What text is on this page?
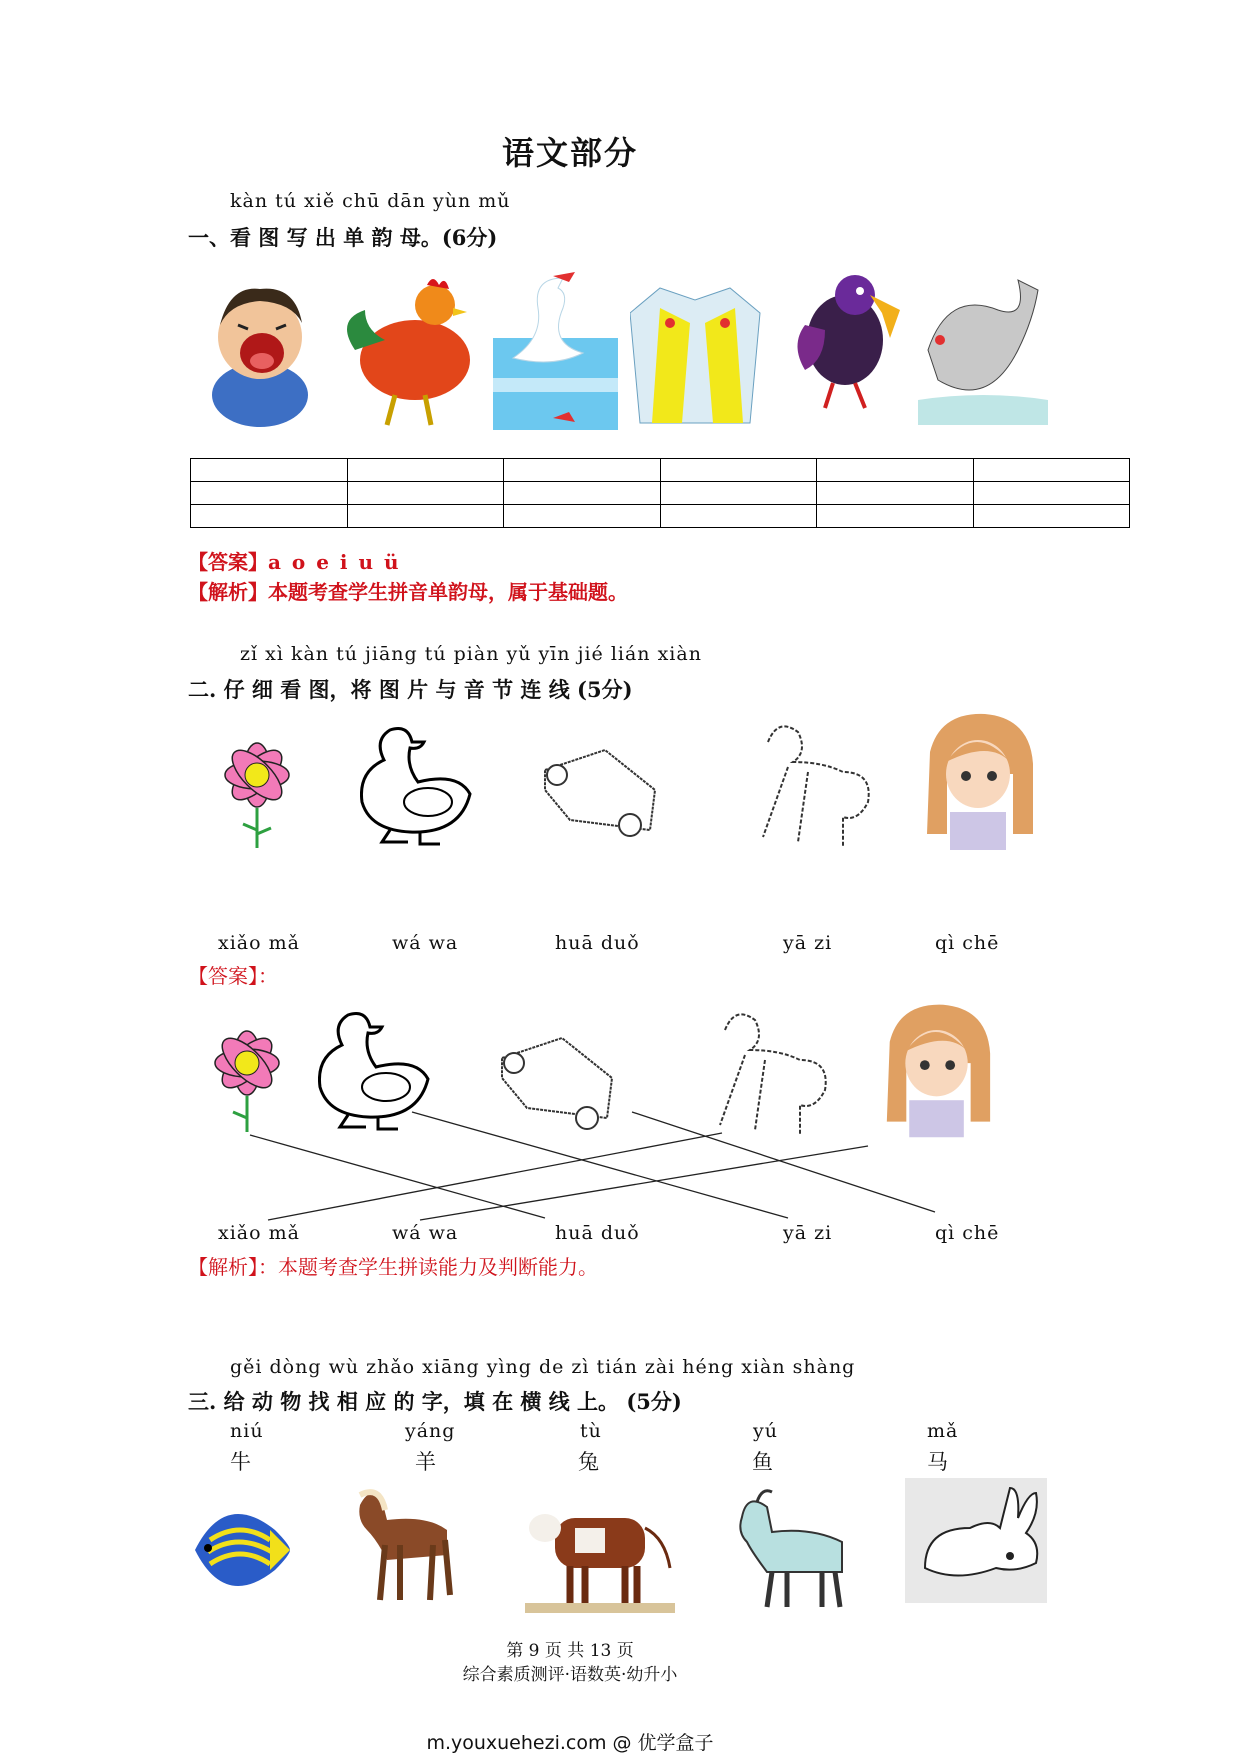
语文部分
kàn tú xiě chū dān yùn mǔ
一、看 图 写 出 单 韵 母。(6分)

【答案】a o e i u ü
【解析】本题考查学生拼音单韵母，属于基础题。
zǐ xì kàn tú jiāng tú piàn yǔ yīn jié lián xiàn
二. 仔 细 看 图，将 图 片 与 音 节 连 线 (5分)
xiǎo mǎ	wá wa	huā duǒ	yā zi	qì chē
【答案】：
xiǎo mǎ	wá wa	huā duǒ	yā zi	qì chē
【解析】：本题考查学生拼读能力及判断能力。
gěi dòng wù zhǎo xiāng yìng de zì tián zài héng xiàn shàng
三. 给 动 物 找 相 应 的 字，填 在 横 线 上。 (5分)
niú	yáng	tù	yú	mǎ
牛	羊	兔	鱼	马
第 9 页 共 13 页
综合素质测评·语数英·幼升小
m.youxuehezi.com @ 优学盒子
